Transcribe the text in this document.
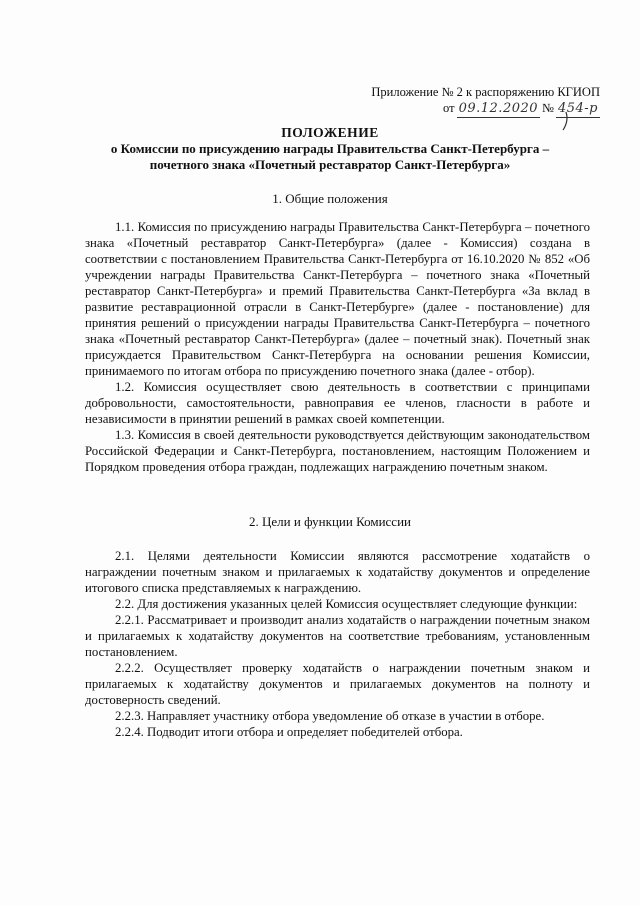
Приложение № 2 к распоряжению КГИОП
от 09.12.2020 № 454-р
ПОЛОЖЕНИЕ
о Комиссии по присуждению награды Правительства Санкт-Петербурга – почетного знака «Почетный реставратор Санкт-Петербурга»
1. Общие положения

1.1. Комиссия по присуждению награды Правительства Санкт-Петербурга – почетного знака «Почетный реставратор Санкт-Петербурга» (далее - Комиссия) создана в соответствии с постановлением Правительства Санкт-Петербурга от 16.10.2020 № 852 «Об учреждении награды Правительства Санкт-Петербурга – почетного знака «Почетный реставратор Санкт-Петербурга» и премий Правительства Санкт-Петербурга «За вклад в развитие реставрационной отрасли в Санкт-Петербурге» (далее - постановление) для принятия решений о присуждении награды Правительства Санкт-Петербурга – почетного знака «Почетный реставратор Санкт-Петербурга» (далее – почетный знак). Почетный знак присуждается Правительством Санкт-Петербурга на основании решения Комиссии, принимаемого по итогам отбора по присуждению почетного знака (далее - отбор).

1.2. Комиссия осуществляет свою деятельность в соответствии с принципами добровольности, самостоятельности, равноправия ее членов, гласности в работе и независимости в принятии решений в рамках своей компетенции.

1.3. Комиссия в своей деятельности руководствуется действующим законодательством Российской Федерации и Санкт-Петербурга, постановлением, настоящим Положением и Порядком проведения отбора граждан, подлежащих награждению почетным знаком.

2. Цели и функции Комиссии

2.1. Целями деятельности Комиссии являются рассмотрение ходатайств о награждении почетным знаком и прилагаемых к ходатайству документов и определение итогового списка представляемых к награждению.

2.2. Для достижения указанных целей Комиссия осуществляет следующие функции:

2.2.1. Рассматривает и производит анализ ходатайств о награждении почетным знаком и прилагаемых к ходатайству документов на соответствие требованиям, установленным постановлением.

2.2.2. Осуществляет проверку ходатайств о награждении почетным знаком и прилагаемых к ходатайству документов и прилагаемых документов на полноту и достоверность сведений.

2.2.3. Направляет участнику отбора уведомление об отказе в участии в отборе.

2.2.4. Подводит итоги отбора и определяет победителей отбора.
